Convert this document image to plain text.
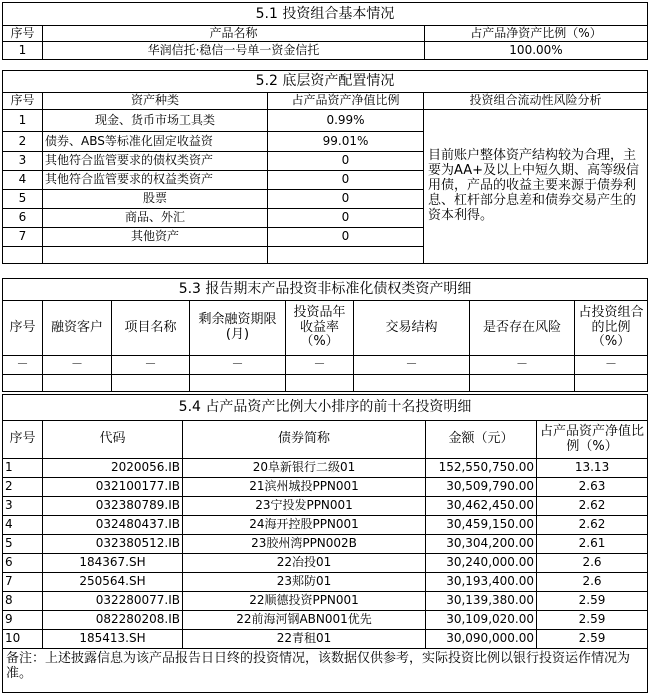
5.1 投资组合基本情况		
序号	产品名称	占产品净资产比例（%）
1	华润信托·稳信一号单一资金信托	100.00%
5.2 底层资产配置情况			
序号	资产种类	占产品资产净值比例	投资组合流动性风险分析
1	现金、货币市场工具类	0.99%	目前账户整体资产结构较为合理，主要为AA+及以上中短久期、高等级信用债，产品的收益主要来源于债券利息、杠杆部分息差和债券交易产生的资本利得。
2	债券、ABS等标准化固定收益资	99.01%	
3	其他符合监管要求的债权类资产	0	
4	其他符合监管要求的权益类资产	0	
5	股票	0	
6	商品、外汇	0	
7	其他资产	0	

5.3 报告期末产品投资非标准化债权类资产明细							
序号	融资客户	项目名称	剩余融资期限(月)	投资品年收益率（%）	交易结构	是否存在风险	占投资组合的比例（%）
－	－	－	－	－	－	－	－

5.4 占产品资产比例大小排序的前十名投资明细				
序号	代码	债券简称	金额（元）	占产品资产净值比例（%）
1	2020056.IB	20阜新银行二级01	152,550,750.00	13.13
2	032100177.IB	21滨州城投PPN001	30,509,790.00	2.63
3	032380789.IB	23宁投发PPN001	30,462,450.00	2.62
4	032480437.IB	24海开控股PPN001	30,459,150.00	2.62
5	032380512.IB	23胶州湾PPN002B	30,304,200.00	2.61
6	184367.SH	22冶投01	30,240,000.00	2.6
7	250564.SH	23郏防01	30,193,400.00	2.6
8	032280077.IB	22顺德投资PPN001	30,139,380.00	2.59
9	082280208.IB	22前海河钢ABN001优先	30,109,020.00	2.59
10	185413.SH	22青租01	30,090,000.00	2.59
备注：上述披露信息为该产品报告日日终的投资情况，该数据仅供参考，实际投资比例以银行投资运作情况为准。				
